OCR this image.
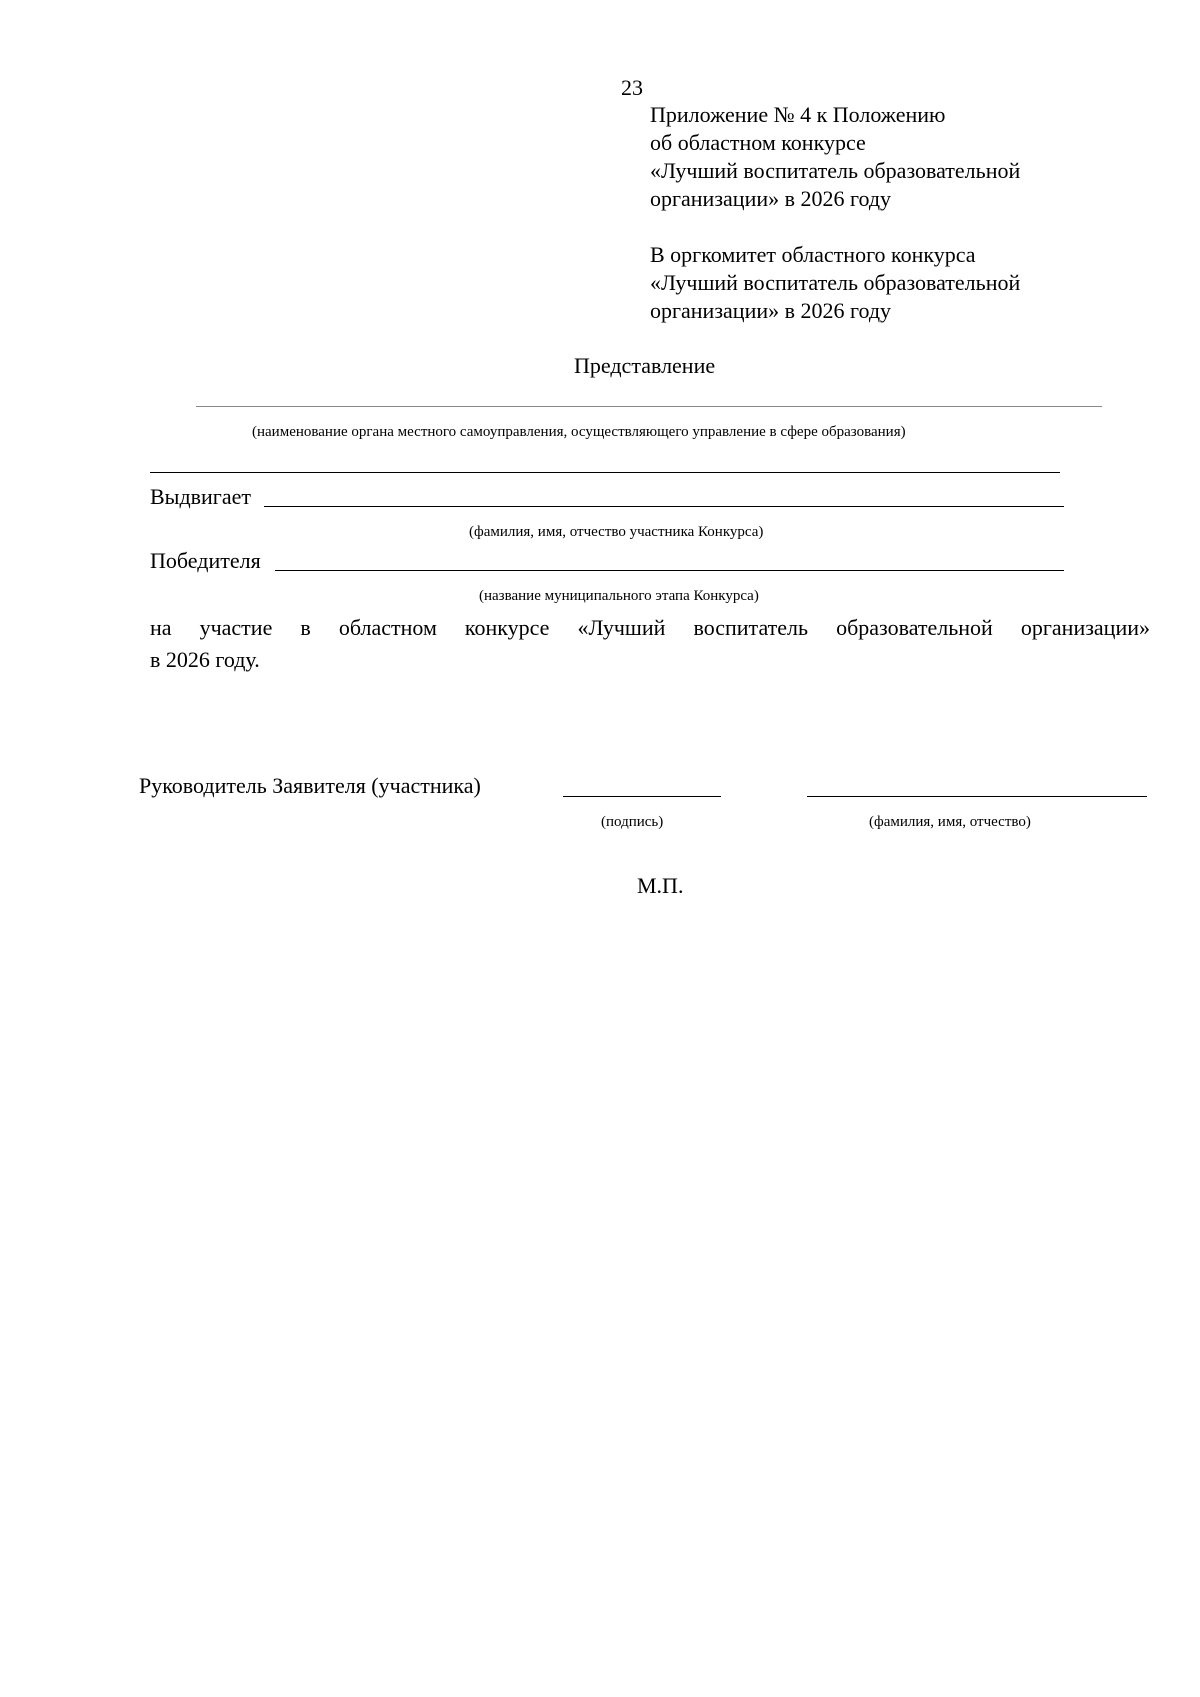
23
Приложение № 4 к Положению
об областном конкурсе
«Лучший воспитатель образовательной
организации» в 2026 году
В оргкомитет областного конкурса
«Лучший воспитатель образовательной
организации» в 2026 году
Представление
(наименование органа местного самоуправления, осуществляющего управление в сфере образования)
Выдвигает
(фамилия, имя, отчество участника Конкурса)
Победителя
(название муниципального этапа Конкурса)
на участие в областном конкурсе «Лучший воспитатель образовательной организации»
в 2026 году.
Руководитель Заявителя (участника)
(подпись)	(фамилия, имя, отчество)
М.П.
